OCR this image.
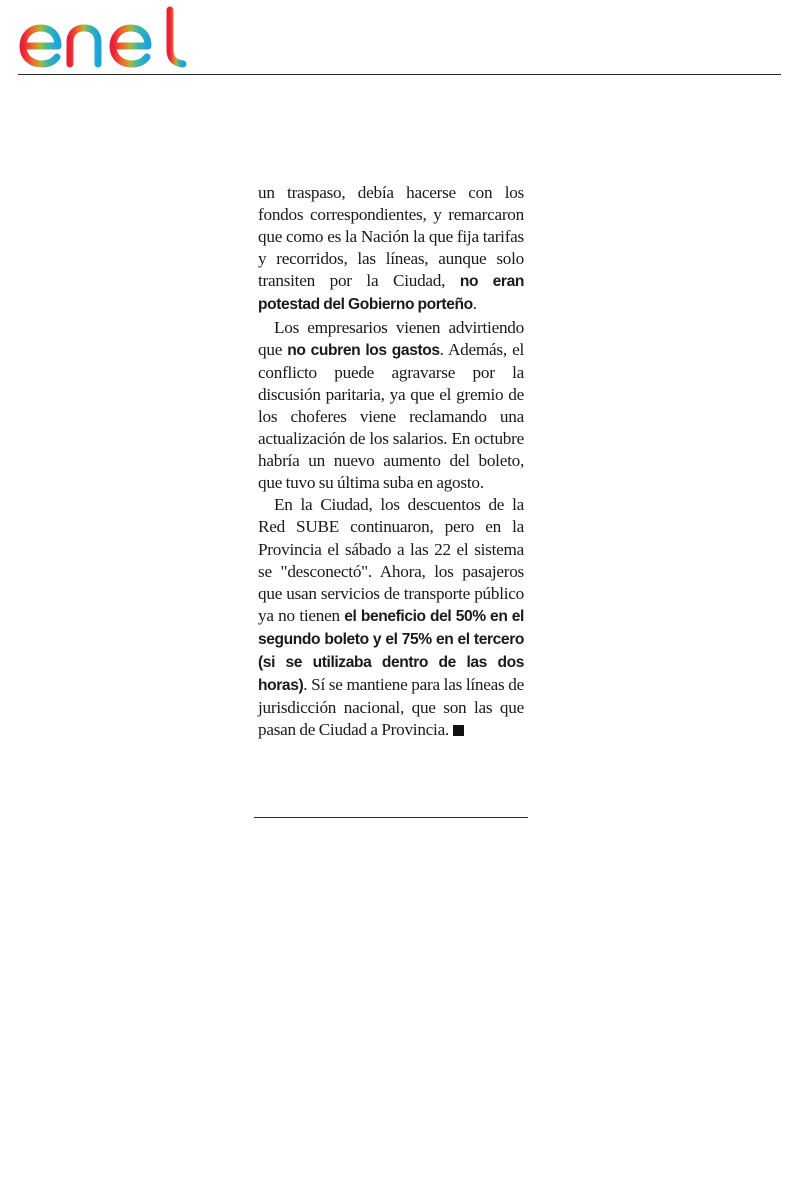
un traspaso, debía hacerse con los fondos correspondientes, y remarcaron que como es la Nación la que fija tarifas y recorridos, las líneas, aunque solo transiten por la Ciudad, no eran potestad del Gobierno porteño.

Los empresarios vienen advirtiendo que no cubren los gastos. Además, el conflicto puede agravarse por la discusión paritaria, ya que el gremio de los choferes viene reclamando una actualización de los salarios. En octubre habría un nuevo aumento del boleto, que tuvo su última suba en agosto.

En la Ciudad, los descuentos de la Red SUBE continuaron, pero en la Provincia el sábado a las 22 el sistema se "desconectó". Ahora, los pasajeros que usan servicios de transporte público ya no tienen el beneficio del 50% en el segundo boleto y el 75% en el tercero (si se utilizaba dentro de las dos horas). Sí se mantiene para las líneas de jurisdicción nacional, que son las que pasan de Ciudad a Provincia.
